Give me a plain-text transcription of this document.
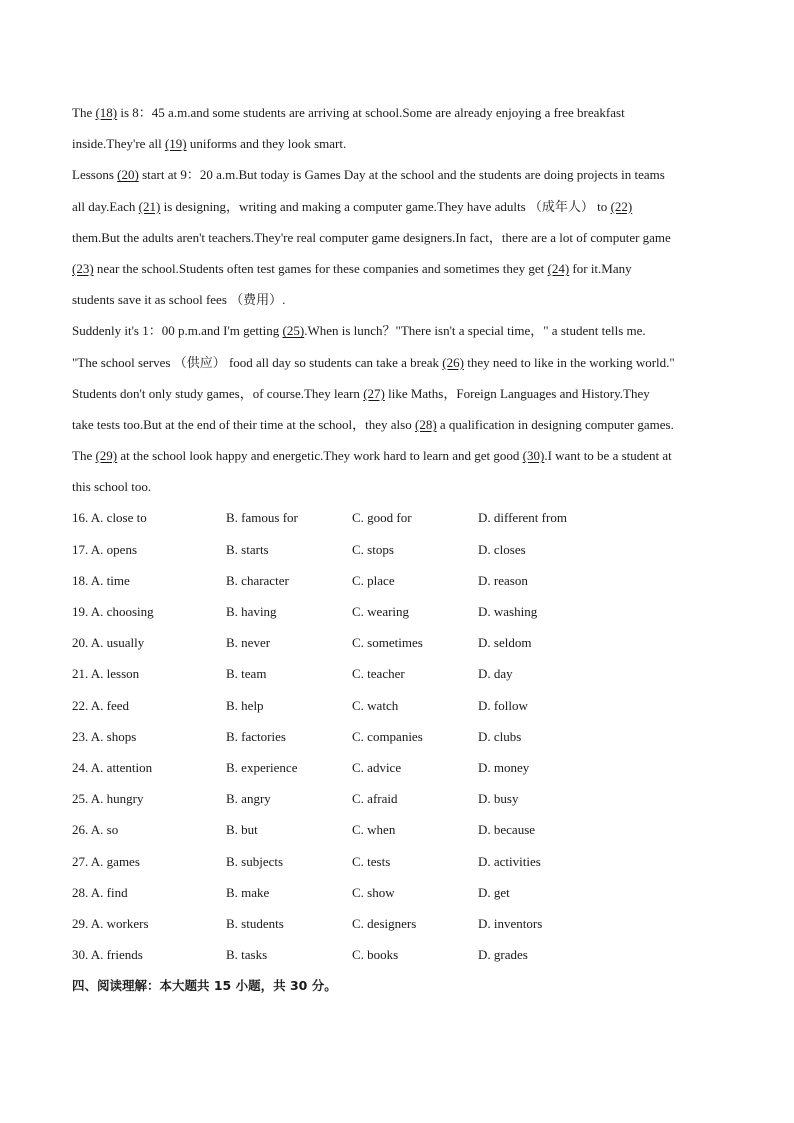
The (18) is 8：45 a.m.and some students are arriving at school.Some are already enjoying a free breakfast
inside.They're all (19) uniforms and they look smart.
Lessons (20) start at 9：20 a.m.But today is Games Day at the school and the students are doing projects in teams
all day.Each (21) is designing，writing and making a computer game.They have adults （成年人） to (22)
them.But the adults aren't teachers.They're real computer game designers.In fact，there are a lot of computer game
(23) near the school.Students often test games for these companies and sometimes they get (24) for it.Many
students save it as school fees （费用）.
Suddenly it's 1：00 p.m.and I'm getting (25).When is lunch？"There isn't a special time，" a student tells me.
"The school serves （供应） food all day so students can take a break (26) they need to like in the working world."
Students don't only study games，of course.They learn (27) like Maths，Foreign Languages and History.They
take tests too.But at the end of their time at the school，they also (28) a qualification in designing computer games.
The (29) at the school look happy and energetic.They work hard to learn and get good (30).I want to be a student at
this school too.
16. A. close to	B. famous for	C. good for	D. different from
17. A. opens	B. starts	C. stops	D. closes
18. A. time	B. character	C. place	D. reason
19. A. choosing	B. having	C. wearing	D. washing
20. A. usually	B. never	C. sometimes	D. seldom
21. A. lesson	B. team	C. teacher	D. day
22. A. feed	B. help	C. watch	D. follow
23. A. shops	B. factories	C. companies	D. clubs
24. A. attention	B. experience	C. advice	D. money
25. A. hungry	B. angry	C. afraid	D. busy
26. A. so	B. but	C. when	D. because
27. A. games	B. subjects	C. tests	D. activities
28. A. find	B. make	C. show	D. get
29. A. workers	B. students	C. designers	D. inventors
30. A. friends	B. tasks	C. books	D. grades
四、阅读理解：本大题共 15 小题，共 30 分。
